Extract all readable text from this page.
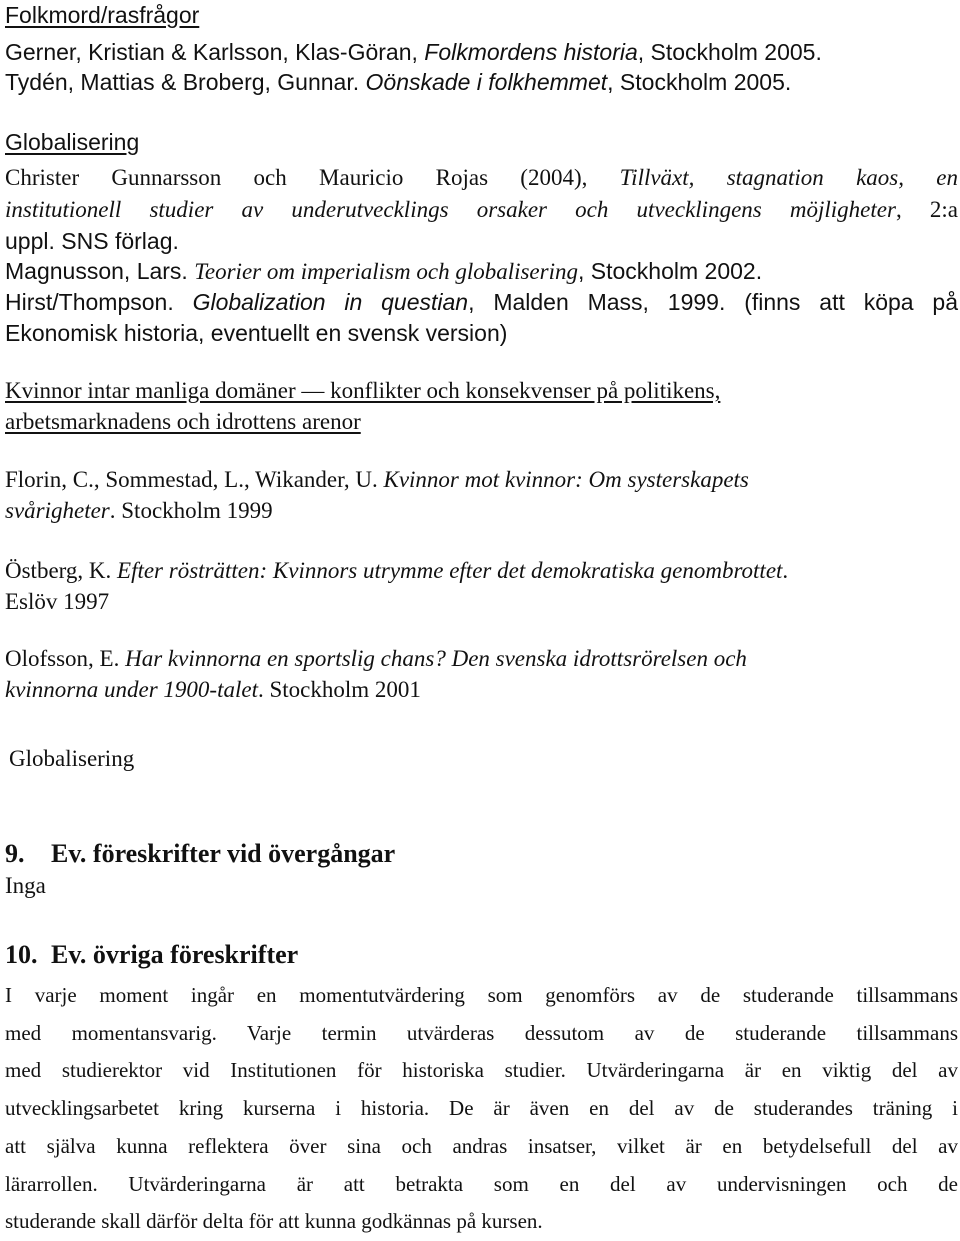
Folkmord/rasfrågor
Gerner, Kristian & Karlsson, Klas-Göran, Folkmordens historia, Stockholm 2005.
Tydén, Mattias & Broberg, Gunnar. Oönskade i folkhemmet, Stockholm 2005.
Globalisering
Christer Gunnarsson och Mauricio Rojas (2004), Tillväxt, stagnation kaos, en
institutionell studier av underutvecklings orsaker och utvecklingens möjligheter, 2:a
uppl. SNS förlag.
Magnusson, Lars. Teorier om imperialism och globalisering, Stockholm 2002.
Hirst/Thompson. Globalization in questian, Malden Mass, 1999. (finns att köpa på
Ekonomisk historia, eventuellt en svensk version)
Kvinnor intar manliga domäner — konflikter och konsekvenser på politikens,
arbetsmarknadens och idrottens arenor
Florin, C., Sommestad, L., Wikander, U. Kvinnor mot kvinnor: Om systerskapets
svårigheter. Stockholm 1999
Östberg, K. Efter rösträtten: Kvinnors utrymme efter det demokratiska genombrottet.
Eslöv 1997
Olofsson, E. Har kvinnorna en sportslig chans? Den svenska idrottsrörelsen och
kvinnorna under 1900-talet. Stockholm 2001
Globalisering
9. Ev. föreskrifter vid övergångar
Inga
10. Ev. övriga föreskrifter
I varje moment ingår en momentutvärdering som genomförs av de studerande tillsammans
med momentansvarig. Varje termin utvärderas dessutom av de studerande tillsammans
med studierektor vid Institutionen för historiska studier. Utvärderingarna är en viktig del av
utvecklingsarbetet kring kurserna i historia. De är även en del av de studerandes träning i
att själva kunna reflektera över sina och andras insatser, vilket är en betydelsefull del av
lärarrollen. Utvärderingarna är att betrakta som en del av undervisningen och de
studerande skall därför delta för att kunna godkännas på kursen.
